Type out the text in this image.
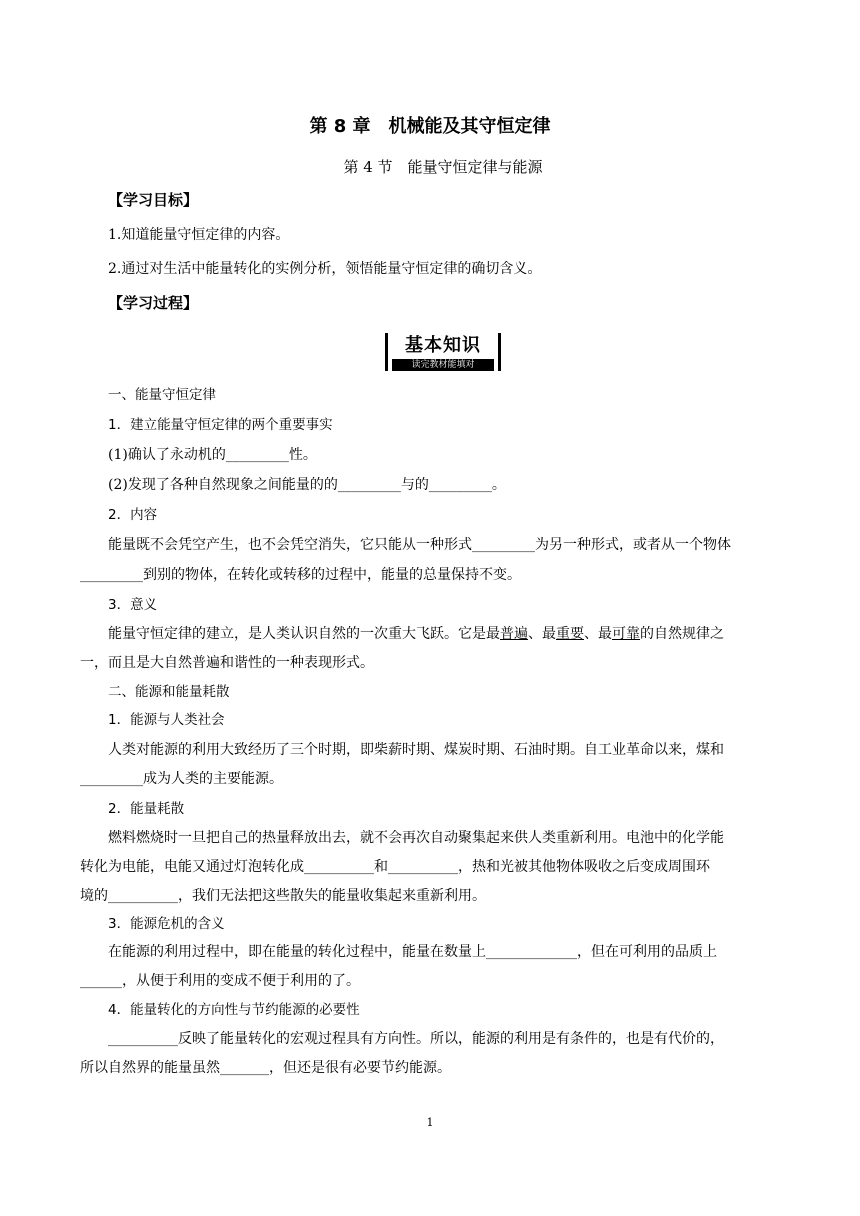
第 8 章　机械能及其守恒定律
第 4 节　能量守恒定律与能源
【学习目标】
1.知道能量守恒定律的内容。
2.通过对生活中能量转化的实例分析，领悟能量守恒定律的确切含义。
【学习过程】
基本知识
读完教材能填对
一、能量守恒定律
1．建立能量守恒定律的两个重要事实
(1)确认了永动机的_________性。
(2)发现了各种自然现象之间能量的的_________与的_________。
2．内容
能量既不会凭空产生，也不会凭空消失，它只能从一种形式_________为另一种形式，或者从一个物体
_________到别的物体，在转化或转移的过程中，能量的总量保持不变。
3．意义
能量守恒定律的建立，是人类认识自然的一次重大飞跃。它是最普遍、最重要、最可靠的自然规律之
一，而且是大自然普遍和谐性的一种表现形式。
二、能源和能量耗散
1．能源与人类社会
人类对能源的利用大致经历了三个时期，即柴薪时期、煤炭时期、石油时期。自工业革命以来，煤和
_________成为人类的主要能源。
2．能量耗散
燃料燃烧时一旦把自己的热量释放出去，就不会再次自动聚集起来供人类重新利用。电池中的化学能
转化为电能，电能又通过灯泡转化成__________和__________，热和光被其他物体吸收之后变成周围环
境的__________，我们无法把这些散失的能量收集起来重新利用。
3．能源危机的含义
在能源的利用过程中，即在能量的转化过程中，能量在数量上_____________，但在可利用的品质上
______，从便于利用的变成不便于利用的了。
4．能量转化的方向性与节约能源的必要性
__________反映了能量转化的宏观过程具有方向性。所以，能源的利用是有条件的，也是有代价的，
所以自然界的能量虽然_______，但还是很有必要节约能源。
1
